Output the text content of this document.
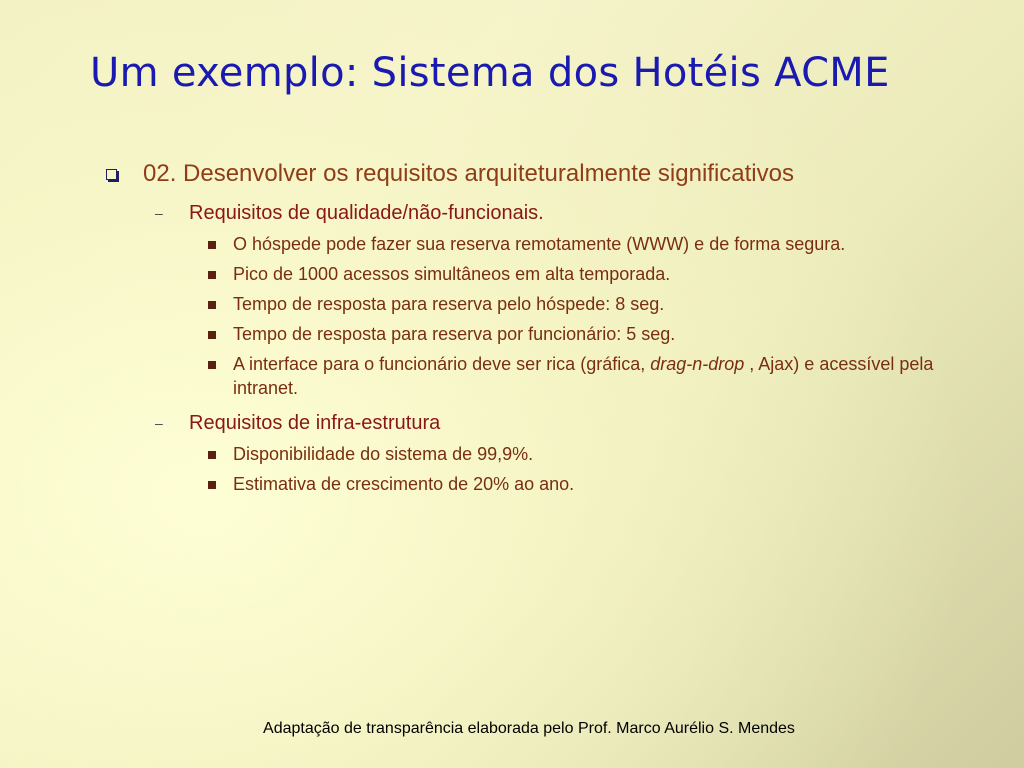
Um exemplo: Sistema dos Hotéis ACME
02. Desenvolver os requisitos arquiteturalmente significativos
– Requisitos de qualidade/não-funcionais.
O hóspede pode fazer sua reserva remotamente (WWW) e de forma segura.
Pico de 1000 acessos simultâneos em alta temporada.
Tempo de resposta para reserva pelo hóspede: 8 seg.
Tempo de resposta para reserva por funcionário: 5 seg.
A interface para o funcionário deve ser rica (gráfica, drag-n-drop , Ajax) e acessível pela intranet.
– Requisitos de infra-estrutura
Disponibilidade do sistema de 99,9%.
Estimativa de crescimento de 20% ao ano.
Adaptação de transparência elaborada pelo Prof. Marco Aurélio S. Mendes
